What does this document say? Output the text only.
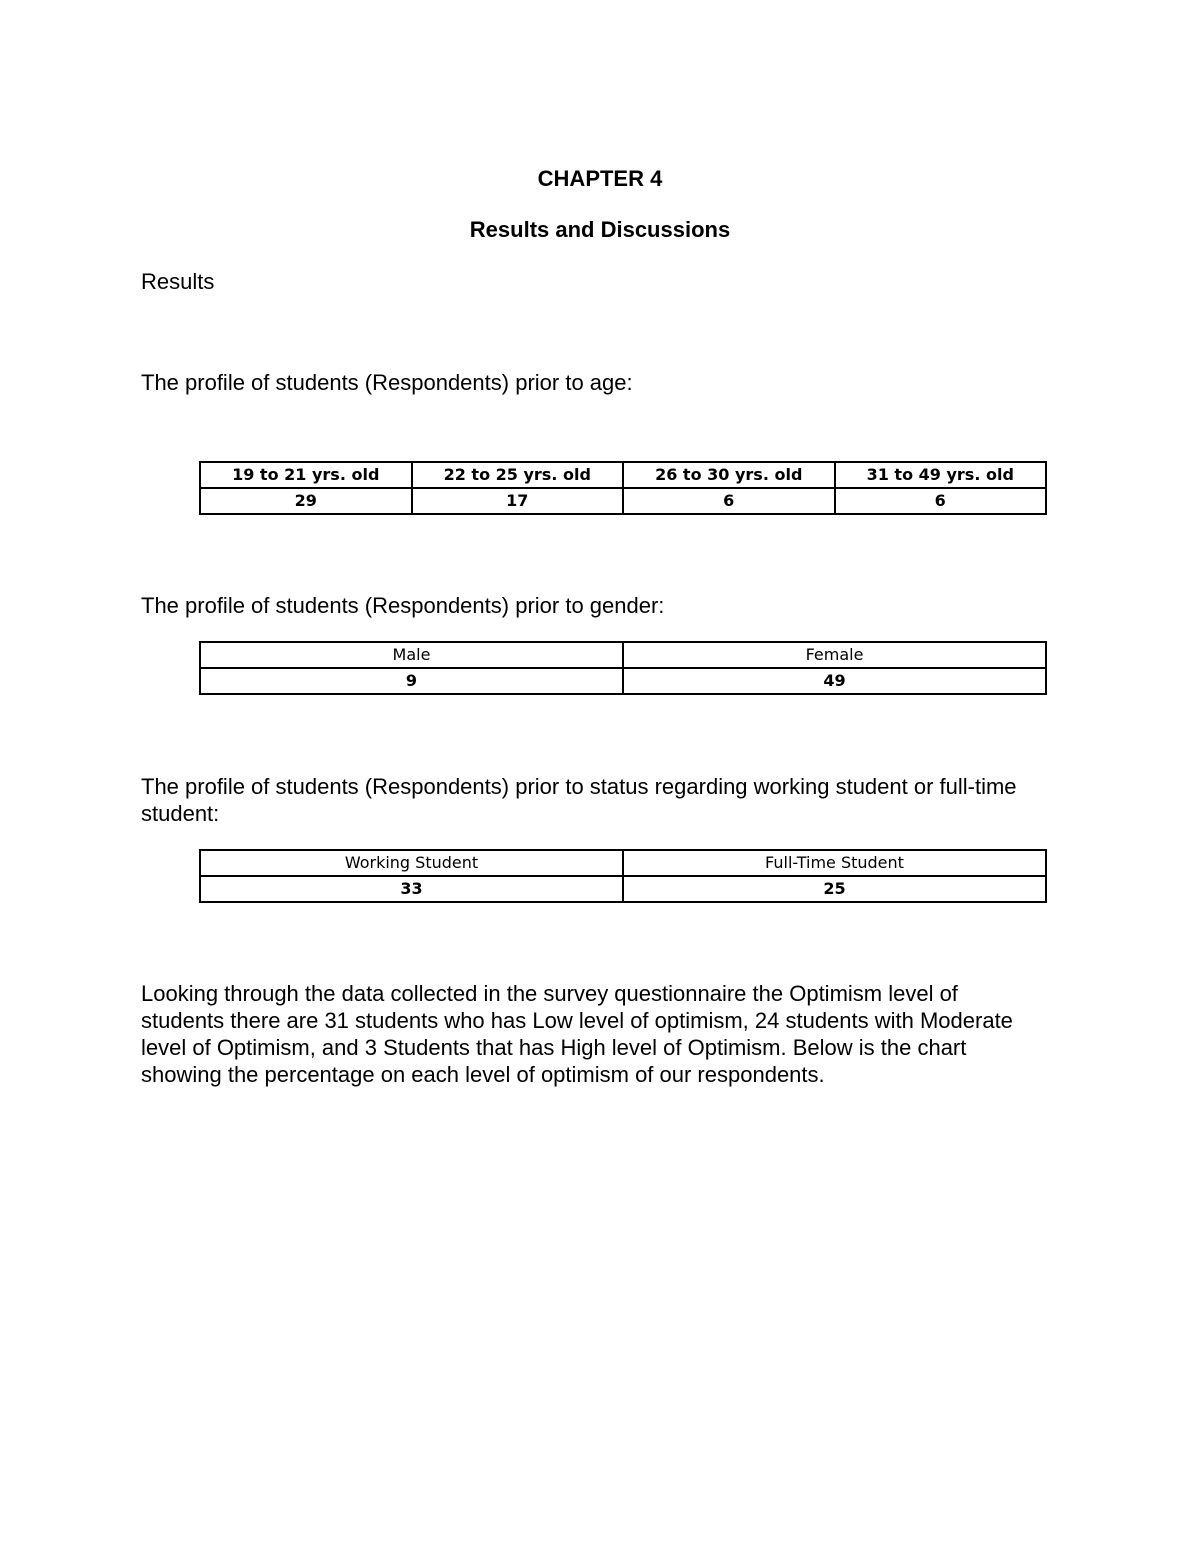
CHAPTER 4
Results and Discussions
Results
The profile of students (Respondents) prior to age:
19 to 21 yrs. old	22 to 25 yrs. old	26 to 30 yrs. old	31 to 49 yrs. old
29	17	6	6
The profile of students (Respondents) prior to gender:
Male	Female
9	49
The profile of students (Respondents) prior to status regarding working student or full-time student:
Working Student	Full-Time Student
33	25
Looking through the data collected in the survey questionnaire the Optimism level of students there are 31 students who has Low level of optimism, 24 students with Moderate level of Optimism, and 3 Students that has High level of Optimism. Below is the chart showing the percentage on each level of optimism of our respondents.
